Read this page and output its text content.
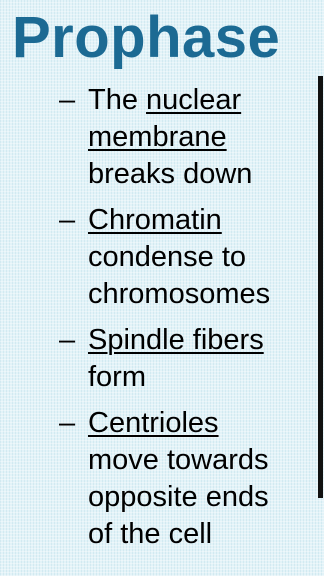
Prophase
– The nuclear
membrane
breaks down
– Chromatin
condense to
chromosomes
– Spindle fibers
form
– Centrioles
move towards
opposite ends
of the cell
